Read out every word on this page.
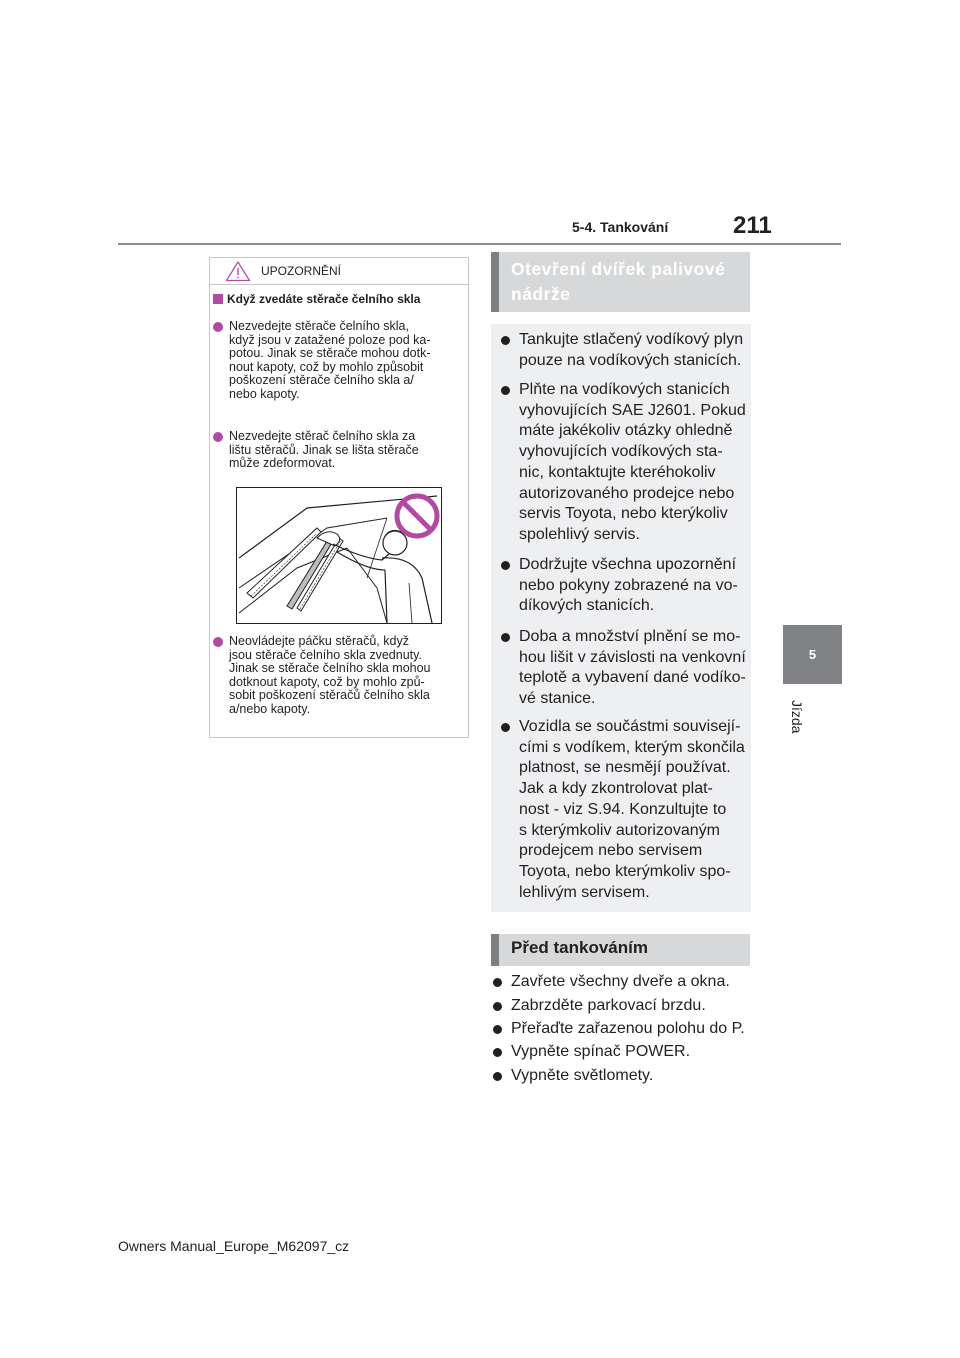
5-4. Tankování	211
5
Jízda
UPOZORNĚNÍ
Když zvedáte stěrače čelního skla
Nezvedejte stěrače čelního skla,
když jsou v zatažené poloze pod ka-
potou. Jinak se stěrače mohou dotk-
nout kapoty, což by mohlo způsobit
poškození stěrače čelního skla a/
nebo kapoty.
Nezvedejte stěrač čelního skla za
lištu stěračů. Jinak se lišta stěrače
může zdeformovat.
Neovládejte páčku stěračů, když
jsou stěrače čelního skla zvednuty.
Jinak se stěrače čelního skla mohou
dotknout kapoty, což by mohlo způ-
sobit poškození stěračů čelního skla
a/nebo kapoty.
Otevření dvířek palivové
nádrže
Tankujte stlačený vodíkový plyn
pouze na vodíkových stanicích.
Plňte na vodíkových stanicích
vyhovujících SAE J2601. Pokud
máte jakékoliv otázky ohledně
vyhovujících vodíkových sta-
nic, kontaktujte kteréhokoliv
autorizovaného prodejce nebo
servis Toyota, nebo kterýkoliv
spolehlivý servis.
Dodržujte všechna upozornění
nebo pokyny zobrazené na vo-
díkových stanicích.
Doba a množství plnění se mo-
hou lišit v závislosti na venkovní
teplotě a vybavení dané vodíko-
vé stanice.
Vozidla se součástmi souvisejí-
cími s vodíkem, kterým skončila
platnost, se nesmějí používat.
Jak a kdy zkontrolovat plat-
nost - viz S.94. Konzultujte to
s kterýmkoliv autorizovaným
prodejcem nebo servisem
Toyota, nebo kterýmkoliv spo-
lehlivým servisem.
Před tankováním
Zavřete všechny dveře a okna.
Zabrzděte parkovací brzdu.
Přeřaďte zařazenou polohu do P.
Vypněte spínač POWER.
Vypněte světlomety.
Owners Manual_Europe_M62097_cz
